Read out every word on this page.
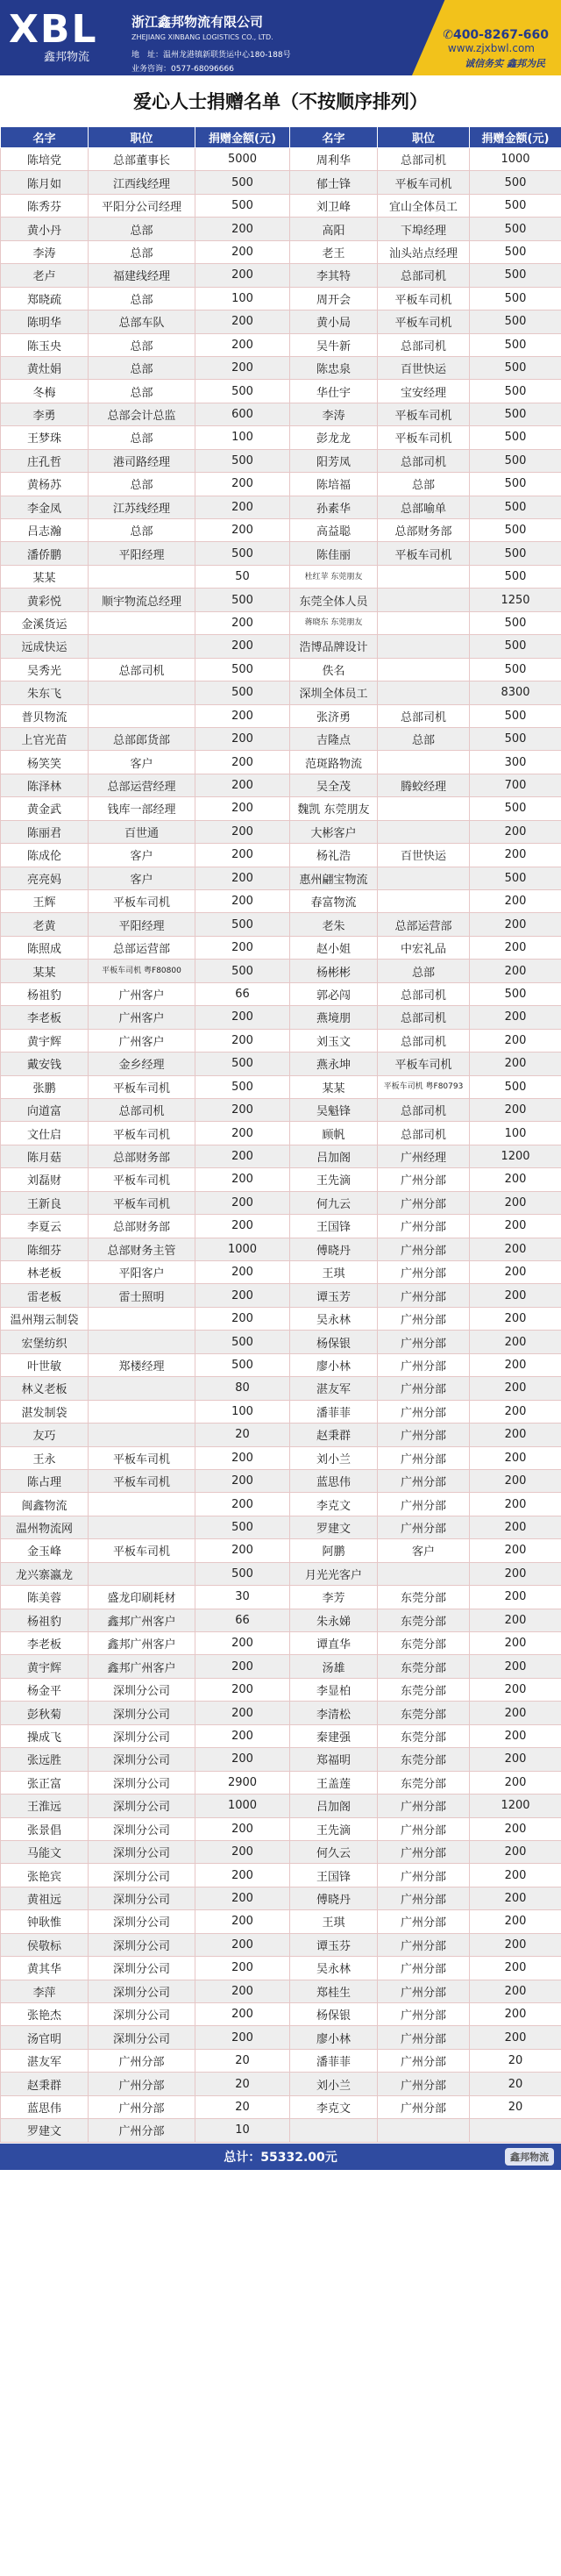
XBL
鑫邦物流
浙江鑫邦物流有限公司
ZHEJIANG XINBANG LOGISTICS CO., LTD.
地　址：温州龙港镇新联货运中心180-188号
业务咨询：0577-68096666
✆400-8267-660
www.zjxbwl.com
诚信务实 鑫邦为民
爱心人士捐赠名单（不按顺序排列）
名字	职位	捐赠金额(元)	名字	职位	捐赠金额(元)
陈培党	总部董事长	5000	周利华	总部司机	1000
陈月如	江西线经理	500	郁士锋	平板车司机	500
陈秀芬	平阳分公司经理	500	刘卫峰	宜山全体员工	500
黄小丹	总部	200	高阳	下埠经理	500
李涛	总部	200	老王	汕头站点经理	500
老卢	福建线经理	200	李其特	总部司机	500
郑晓疏	总部	100	周开会	平板车司机	500
陈明华	总部车队	200	黄小局	平板车司机	500
陈玉央	总部	200	吴牛新	总部司机	500
黄灶娟	总部	200	陈忠泉	百世快运	500
冬梅	总部	500	华仕宇	宝安经理	500
李勇	总部会计总监	600	李涛	平板车司机	500
王梦珠	总部	100	彭龙龙	平板车司机	500
庄孔哲	港司路经理	500	阳芳凤	总部司机	500
黄杨苏	总部	200	陈培福	总部	500
李金凤	江苏线经理	200	孙素华	总部喻单	500
吕志瀚	总部	200	高益聪	总部财务部	500
潘侨鹏	平阳经理	500	陈佳丽	平板车司机	500
某某		50	杜红苹 东莞朋友		500
黄彩悦	顺宇物流总经理	500	东莞全体人员		1250
金溪货运		200	蒋晓东 东莞朋友		500
远成快运		200	浩博品牌设计		500
吴秀光	总部司机	500	佚名		500
朱东飞		500	深圳全体员工		8300
普贝物流		200	张济勇	总部司机	500
上官光苗	总部郎货部	200	吉隆点	总部	500
杨笑笑	客户	200	范斑路物流		300
陈泽林	总部运营经理	200	吴全茂	腾蛟经理	700
黄金武	钱库一部经理	200	魏凯 东莞朋友		500
陈丽君	百世通	200	大彬客户		200
陈成伦	客户	200	杨礼浩	百世快运	200
亮亮妈	客户	200	惠州翩宝物流		500
王辉	平板车司机	200	春富物流		200
老黄	平阳经理	500	老朱	总部运营部	200
陈照成	总部运营部	200	赵小姐	中宏礼品	200
某某	平板车司机 粤F80800	500	杨彬彬	总部	200
杨祖豹	广州客户	66	郭必闯	总部司机	500
李老板	广州客户	200	燕境朋	总部司机	200
黄宇辉	广州客户	200	刘玉文	总部司机	200
戴安钱	金乡经理	500	燕永坤	平板车司机	200
张鹏	平板车司机	500	某某	平板车司机 粤F80793	500
向道富	总部司机	200	吴魁锋	总部司机	200
文仕启	平板车司机	200	顾帆	总部司机	100
陈月菇	总部财务部	200	吕加阁	广州经理	1200
刘磊财	平板车司机	200	王先滴	广州分部	200
王新良	平板车司机	200	何九云	广州分部	200
李夏云	总部财务部	200	王国锋	广州分部	200
陈细芬	总部财务主管	1000	傅晓丹	广州分部	200
林老板	平阳客户	200	王琪	广州分部	200
雷老板	雷士照明	200	谭玉芳	广州分部	200
温州翔云制袋		200	吴永林	广州分部	200
宏堡纺织		500	杨保银	广州分部	200
叶世敏	郑楼经理	500	廖小林	广州分部	200
林义老板		80	湛友军	广州分部	200
湛发制袋		100	潘菲菲	广州分部	200
友巧		20	赵秉群	广州分部	200
王永	平板车司机	200	刘小兰	广州分部	200
陈占理	平板车司机	200	蓝思伟	广州分部	200
闽鑫物流		200	李克文	广州分部	200
温州物流网		500	罗建文	广州分部	200
金玉峰	平板车司机	200	阿鹏	客户	200
龙兴寨瀛龙		500	月光光客户		200
陈美蓉	盛龙印刷耗材	30	李芳	东莞分部	200
杨祖豹	鑫邦广州客户	66	朱永娣	东莞分部	200
李老板	鑫邦广州客户	200	谭直华	东莞分部	200
黄宇辉	鑫邦广州客户	200	汤雄	东莞分部	200
杨金平	深圳分公司	200	李显柏	东莞分部	200
彭秋菊	深圳分公司	200	李清松	东莞分部	200
操成飞	深圳分公司	200	秦建强	东莞分部	200
张远胜	深圳分公司	200	郑福明	东莞分部	200
张正富	深圳分公司	2900	王盖莲	东莞分部	200
王淮远	深圳分公司	1000	吕加阁	广州分部	1200
张景倡	深圳分公司	200	王先滴	广州分部	200
马能文	深圳分公司	200	何久云	广州分部	200
张艳宾	深圳分公司	200	王国锋	广州分部	200
黄祖远	深圳分公司	200	傅晓丹	广州分部	200
钟耿惟	深圳分公司	200	王琪	广州分部	200
侯敬标	深圳分公司	200	谭玉芬	广州分部	200
黄其华	深圳分公司	200	吴永林	广州分部	200
李萍	深圳分公司	200	郑桂生	广州分部	200
张艳杰	深圳分公司	200	杨保银	广州分部	200
汤官明	深圳分公司	200	廖小林	广州分部	200
湛友军	广州分部	20	潘菲菲	广州分部	20
赵秉群	广州分部	20	刘小兰	广州分部	20
蓝思伟	广州分部	20	李克文	广州分部	20
罗建文	广州分部	10			
总计：55332.00元	鑫邦物流
